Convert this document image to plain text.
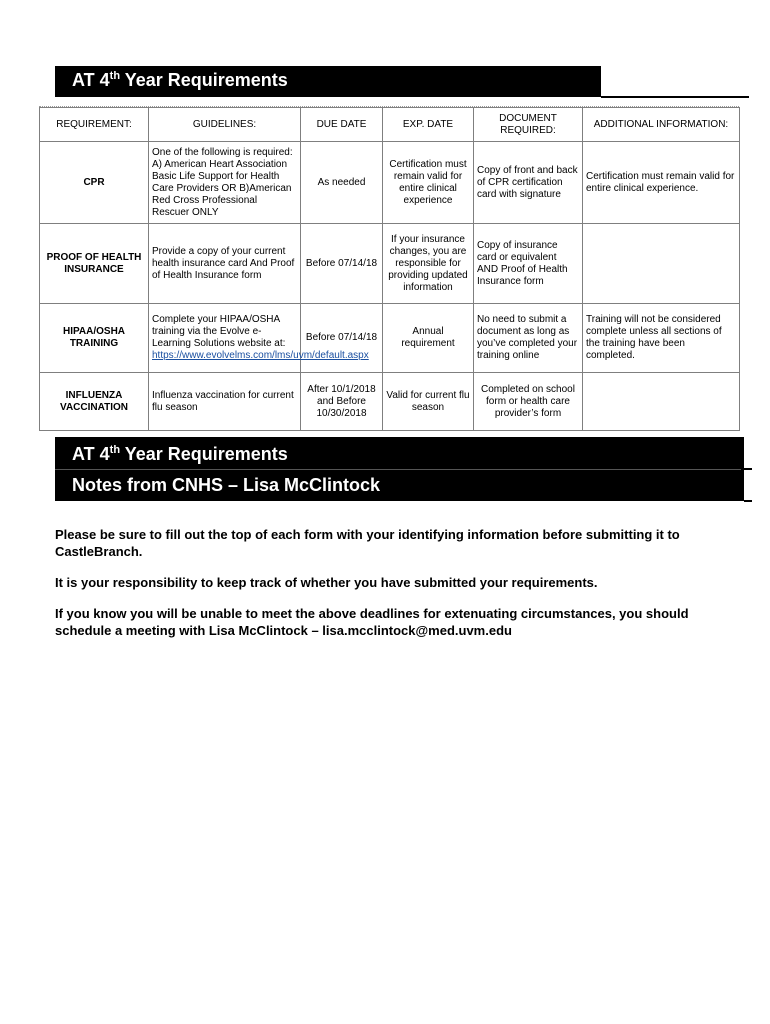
AT 4th Year Requirements
REQUIREMENT:	GUIDELINES:	DUE DATE	EXP. DATE	DOCUMENT REQUIRED:	ADDITIONAL INFORMATION:
CPR	One of the following is required: A) American Heart Association Basic Life Support for Health Care Providers OR B)American Red Cross Professional Rescuer ONLY	As needed	Certification must remain valid for entire clinical experience	Copy of front and back of CPR certification card with signature	Certification must remain valid for entire clinical experience.
PROOF OF HEALTH INSURANCE	Provide a copy of your current health insurance card And Proof of Health Insurance form	Before 07/14/18	If your insurance changes, you are responsible for providing updated information	Copy of insurance card or equivalent AND Proof of Health Insurance form	
HIPAA/OSHA TRAINING	Complete your HIPAA/OSHA training via the Evolve e-Learning Solutions website at: https://www.evolvelms.com/lms/uvm/default.aspx	Before 07/14/18	Annual requirement	No need to submit a document as long as you’ve completed your training online	Training will not be considered complete unless all sections of the training have been completed.
INFLUENZA VACCINATION	Influenza vaccination for current flu season	After 10/1/2018 and Before 10/30/2018	Valid for current flu season	Completed on school form or health care provider’s form	
AT 4th Year Requirements
Notes from CNHS – Lisa McClintock
Please be sure to fill out the top of each form with your identifying information before submitting it to CastleBranch.
It is your responsibility to keep track of whether you have submitted your requirements.
If you know you will be unable to meet the above deadlines for extenuating circumstances, you should schedule a meeting with Lisa McClintock – lisa.mcclintock@med.uvm.edu
